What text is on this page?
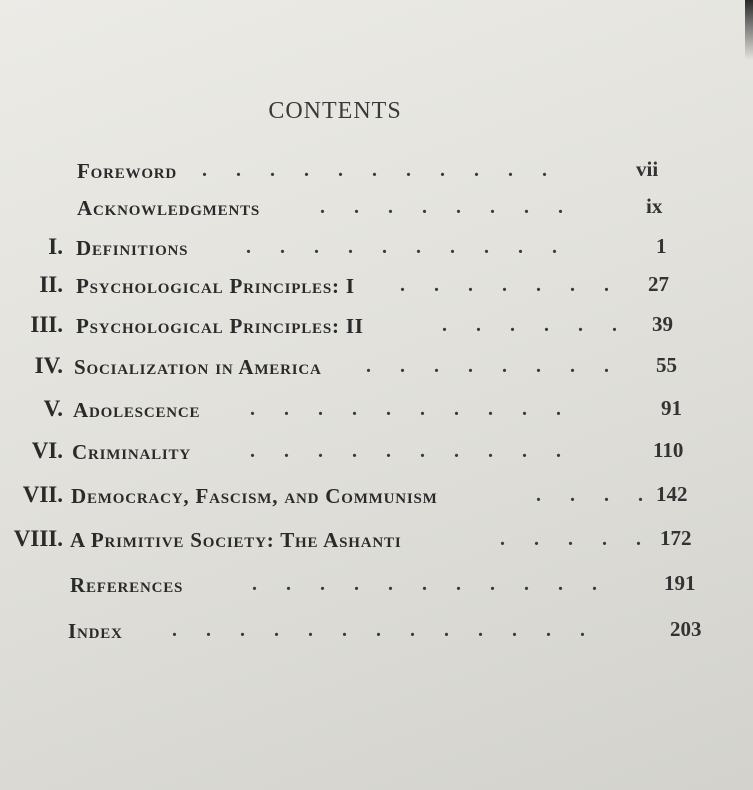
CONTENTS
Foreword . . . . . . . . . . .	vii
Acknowledgments	. . . . . . . .	ix
I. Definitions	. . . . . . . . . .	1
II. Psychological Principles: I . . . . . . . 27
III. Psychological Principles: II	. . . . . . 39
IV. Socialization in America . . . . . . . . 55
V. Adolescence . . . . . . . . . .	91
VI. Criminality	. . . . . . . . . .	110
VII. Democracy, Fascism, and Communism	. . . . 142
VIII. A Primitive Society: The Ashanti	. . . . . 172
References	. . . . . . . . . . .	191
Index . . . . . . . . . . . . .	203
